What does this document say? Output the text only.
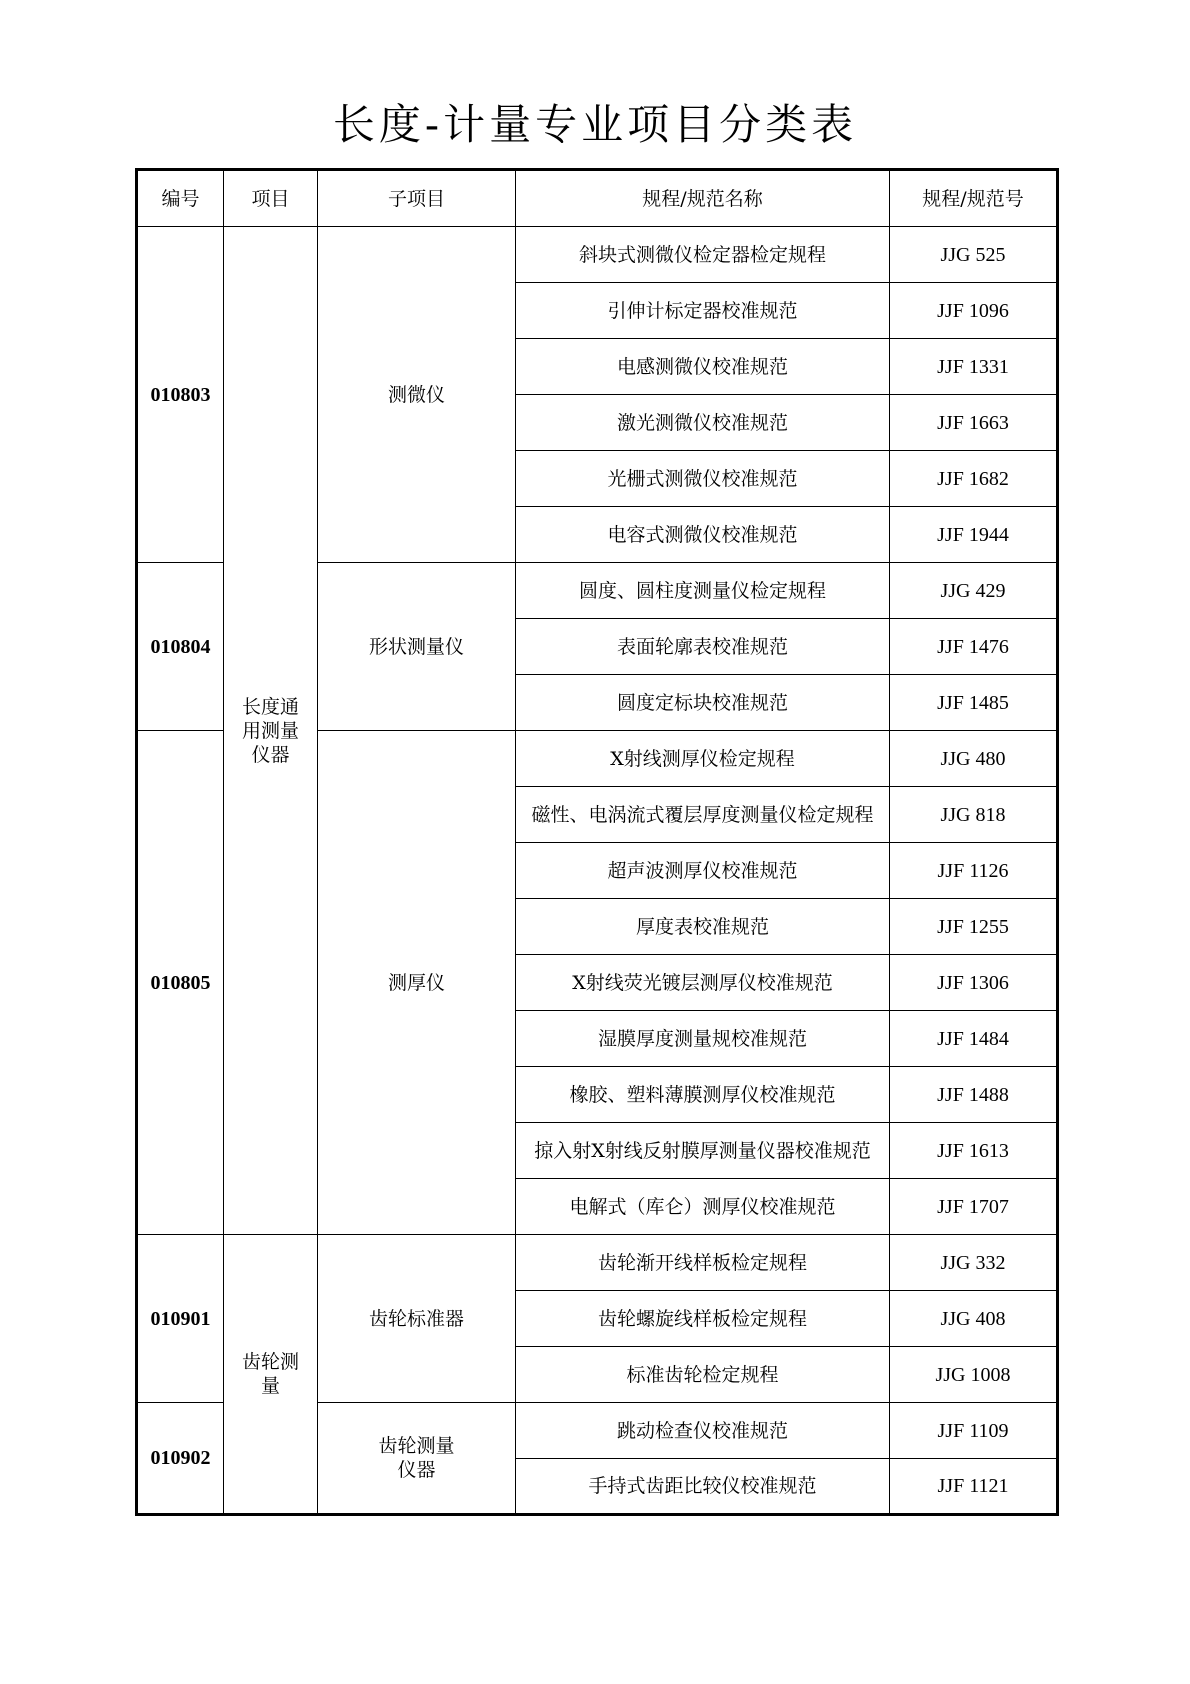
长度-计量专业项目分类表
编号	项目	子项目	规程/规范名称	规程/规范号
010803	长度通用测量仪器	测微仪	斜块式测微仪检定器检定规程	JJG 525
			引伸计标定器校准规范	JJF 1096
			电感测微仪校准规范	JJF 1331
			激光测微仪校准规范	JJF 1663
			光栅式测微仪校准规范	JJF 1682
			电容式测微仪校准规范	JJF 1944
010804		形状测量仪	圆度、圆柱度测量仪检定规程	JJG 429
			表面轮廓表校准规范	JJF 1476
			圆度定标块校准规范	JJF 1485
010805		测厚仪	X射线测厚仪检定规程	JJG 480
			磁性、电涡流式覆层厚度测量仪检定规程	JJG 818
			超声波测厚仪校准规范	JJF 1126
			厚度表校准规范	JJF 1255
			X射线荧光镀层测厚仪校准规范	JJF 1306
			湿膜厚度测量规校准规范	JJF 1484
			橡胶、塑料薄膜测厚仪校准规范	JJF 1488
			掠入射X射线反射膜厚测量仪器校准规范	JJF 1613
			电解式（库仑）测厚仪校准规范	JJF 1707
010901	齿轮测量	齿轮标准器	齿轮渐开线样板检定规程	JJG 332
			齿轮螺旋线样板检定规程	JJG 408
			标准齿轮检定规程	JJG 1008
010902		齿轮测量仪器	跳动检查仪校准规范	JJF 1109
			手持式齿距比较仪校准规范	JJF 1121
